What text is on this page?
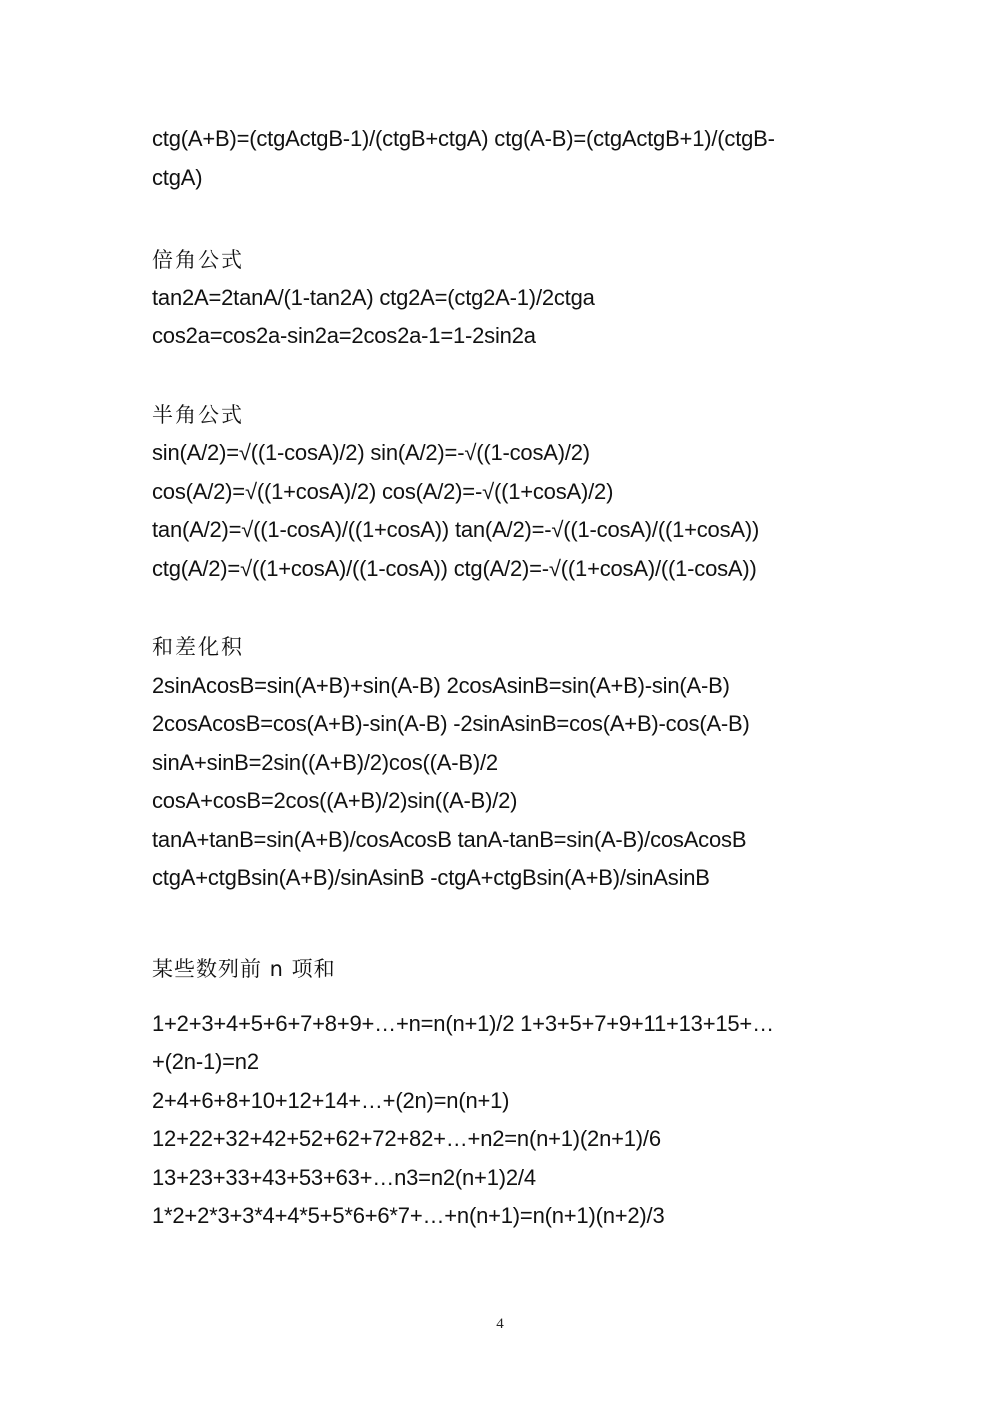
ctg(A+B)=(ctgActgB-1)/(ctgB+ctgA) ctg(A-B)=(ctgActgB+1)/(ctgB-
ctgA)
倍角公式
tan2A=2tanA/(1-tan2A) ctg2A=(ctg2A-1)/2ctga
cos2a=cos2a-sin2a=2cos2a-1=1-2sin2a
半角公式
sin(A/2)=√((1-cosA)/2) sin(A/2)=-√((1-cosA)/2)
cos(A/2)=√((1+cosA)/2) cos(A/2)=-√((1+cosA)/2)
tan(A/2)=√((1-cosA)/((1+cosA)) tan(A/2)=-√((1-cosA)/((1+cosA))
ctg(A/2)=√((1+cosA)/((1-cosA)) ctg(A/2)=-√((1+cosA)/((1-cosA))
和差化积
2sinAcosB=sin(A+B)+sin(A-B) 2cosAsinB=sin(A+B)-sin(A-B)
2cosAcosB=cos(A+B)-sin(A-B) -2sinAsinB=cos(A+B)-cos(A-B)
sinA+sinB=2sin((A+B)/2)cos((A-B)/2
cosA+cosB=2cos((A+B)/2)sin((A-B)/2)
tanA+tanB=sin(A+B)/cosAcosB tanA-tanB=sin(A-B)/cosAcosB
ctgA+ctgBsin(A+B)/sinAsinB -ctgA+ctgBsin(A+B)/sinAsinB
某些数列前 n 项和
1+2+3+4+5+6+7+8+9+…+n=n(n+1)/2 1+3+5+7+9+11+13+15+…
+(2n-1)=n2
2+4+6+8+10+12+14+…+(2n)=n(n+1)
12+22+32+42+52+62+72+82+…+n2=n(n+1)(2n+1)/6
13+23+33+43+53+63+…n3=n2(n+1)2/4
1*2+2*3+3*4+4*5+5*6+6*7+…+n(n+1)=n(n+1)(n+2)/3
4
